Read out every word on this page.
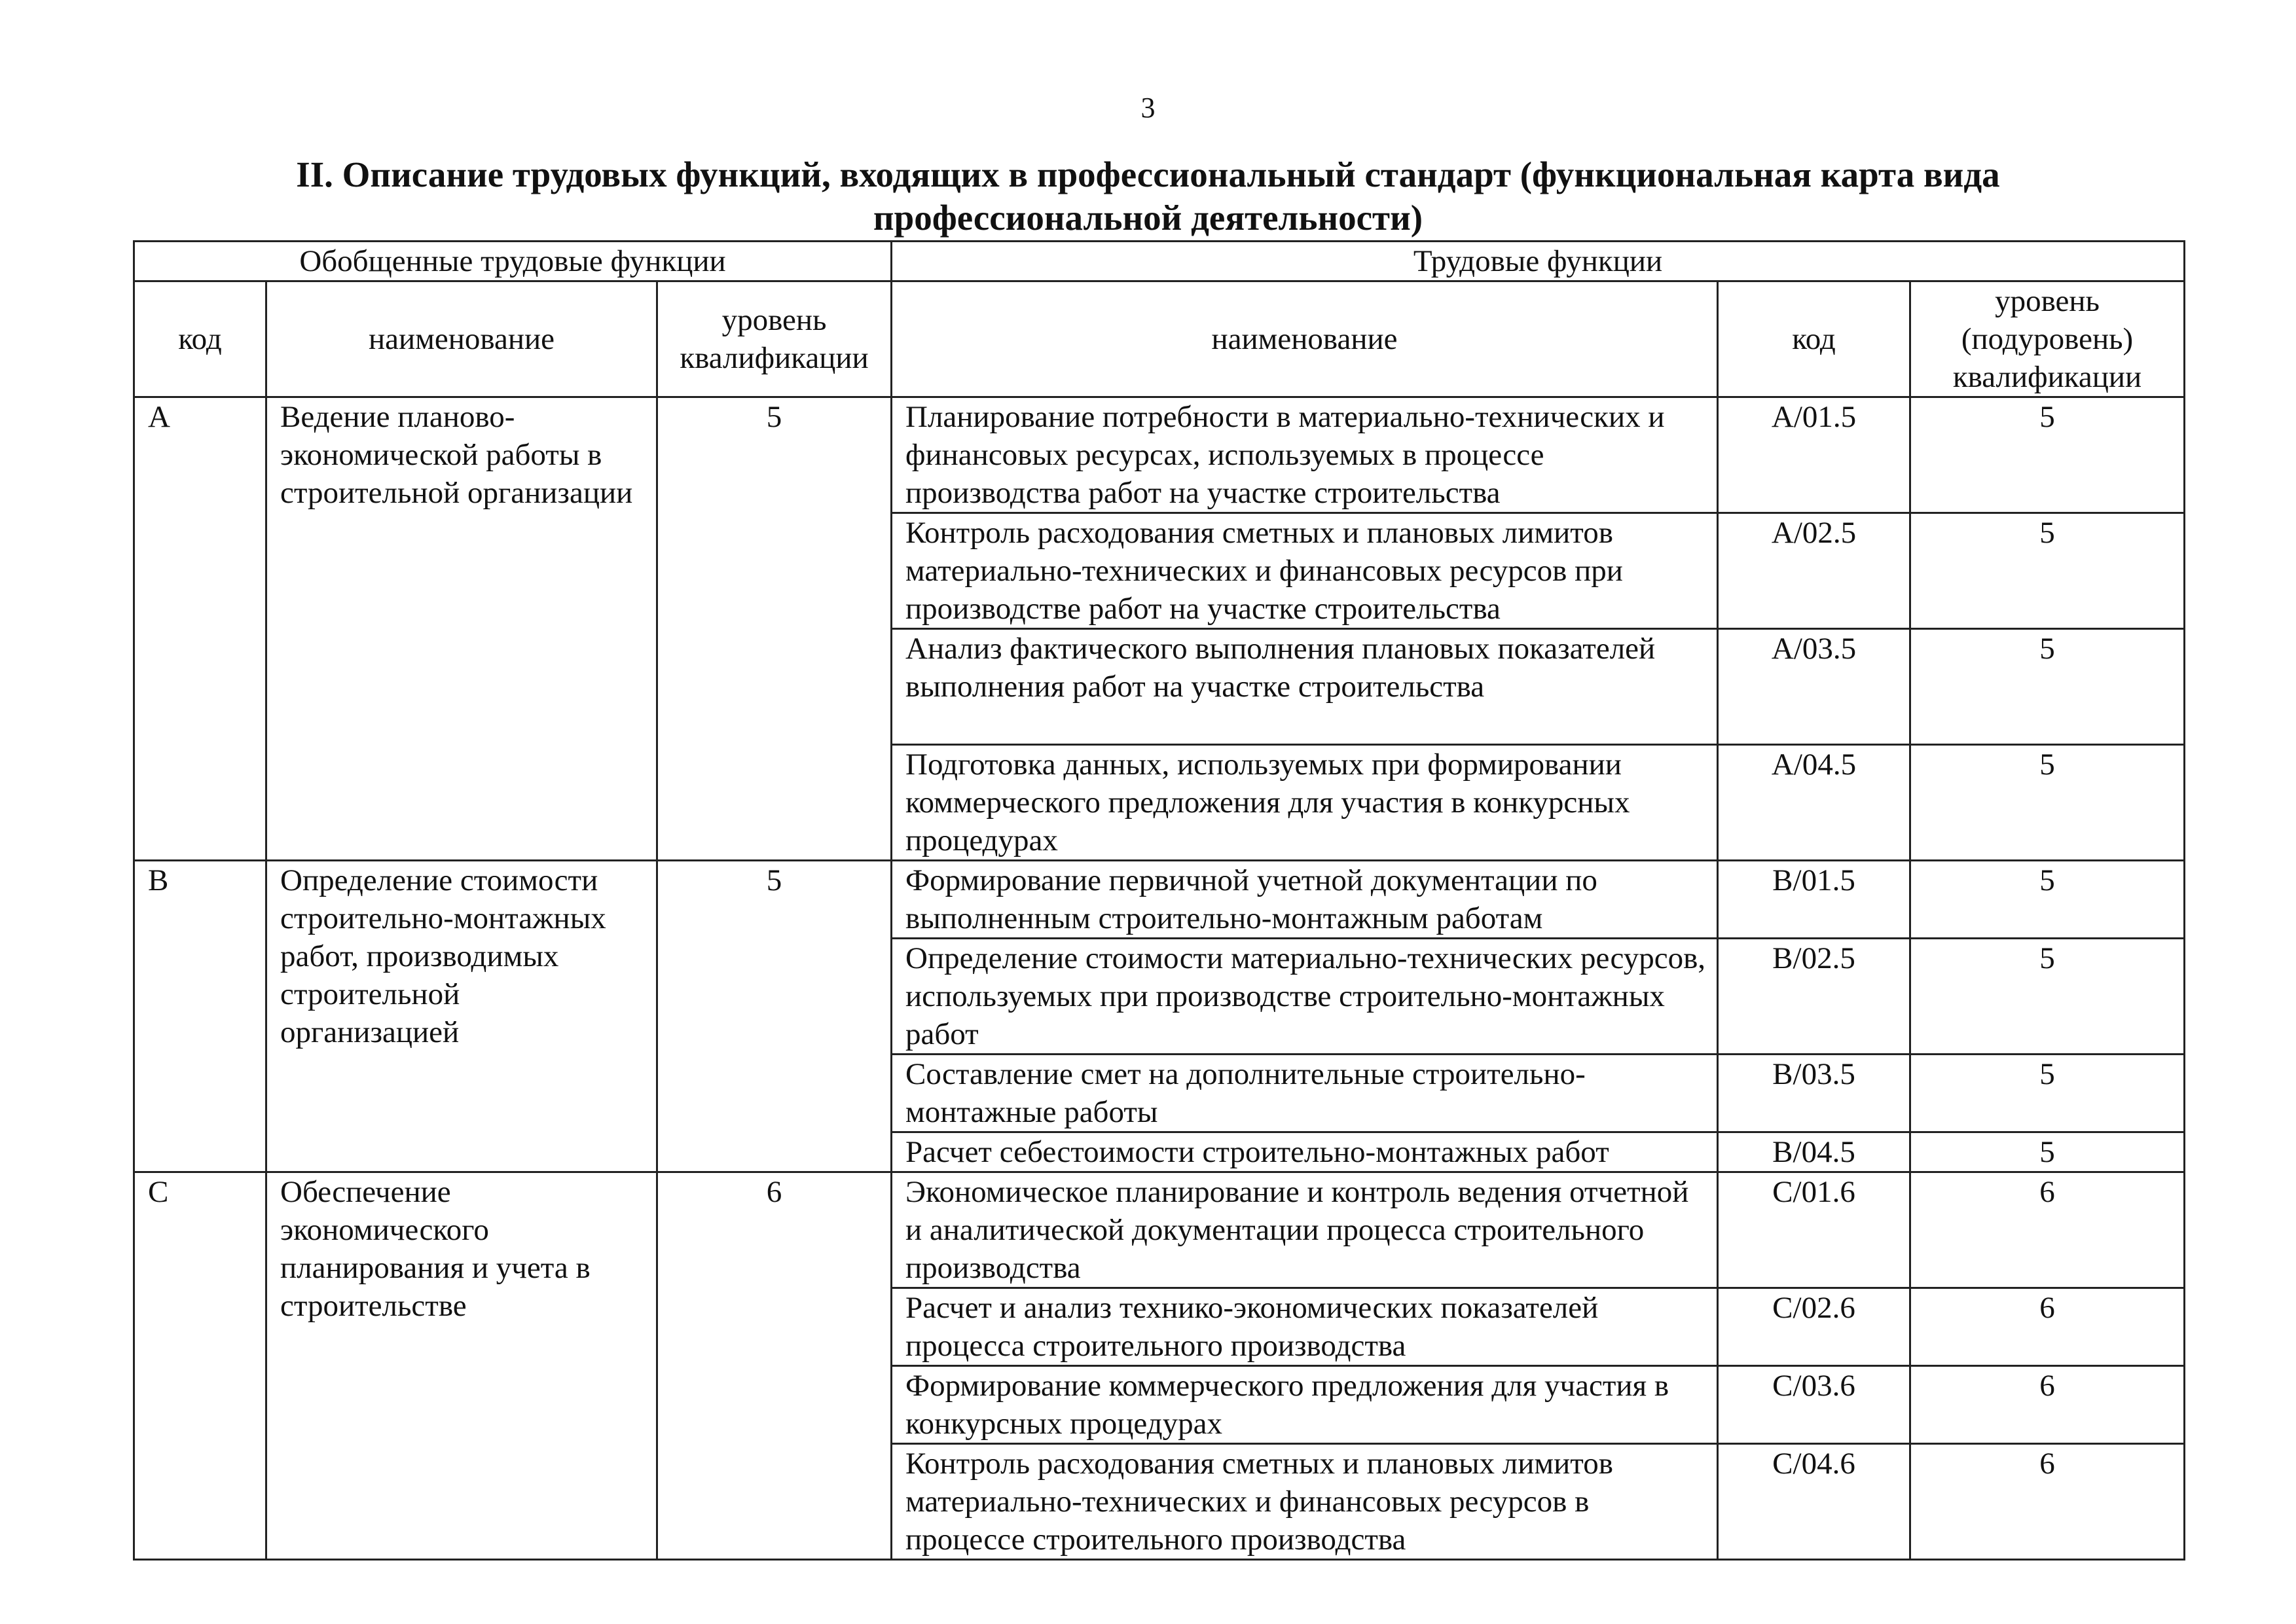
3
II. Описание трудовых функций, входящих в профессиональный стандарт (функциональная карта вида профессиональной деятельности)
Обобщенные трудовые функции			Трудовые функции		
код	наименование	уровень квалификации	наименование	код	уровень (подуровень) квалификации
A	Ведение планово-экономической работы в строительной организации	5	Планирование потребности в материально-технических и финансовых ресурсах, используемых в процессе производства работ на участке строительства	A/01.5	5
			Контроль расходования сметных и плановых лимитов материально-технических и финансовых ресурсов при производстве работ на участке строительства	A/02.5	5
			Анализ фактического выполнения плановых показателей выполнения работ на участке строительства	A/03.5	5
			Подготовка данных, используемых при формировании коммерческого предложения для участия в конкурсных процедурах	A/04.5	5
B	Определение стоимости строительно-монтажных работ, производимых строительной организацией	5	Формирование первичной учетной документации по выполненным строительно-монтажным работам	B/01.5	5
			Определение стоимости материально-технических ресурсов, используемых при производстве строительно-монтажных работ	B/02.5	5
			Составление смет на дополнительные строительно-монтажные работы	B/03.5	5
			Расчет себестоимости строительно-монтажных работ	B/04.5	5
C	Обеспечение экономического планирования и учета в строительстве	6	Экономическое планирование и контроль ведения отчетной и аналитической документации процесса строительного производства	C/01.6	6
			Расчет и анализ технико-экономических показателей процесса строительного производства	C/02.6	6
			Формирование коммерческого предложения для участия в конкурсных процедурах	C/03.6	6
			Контроль расходования сметных и плановых лимитов материально-технических и финансовых ресурсов в процессе строительного производства	C/04.6	6
